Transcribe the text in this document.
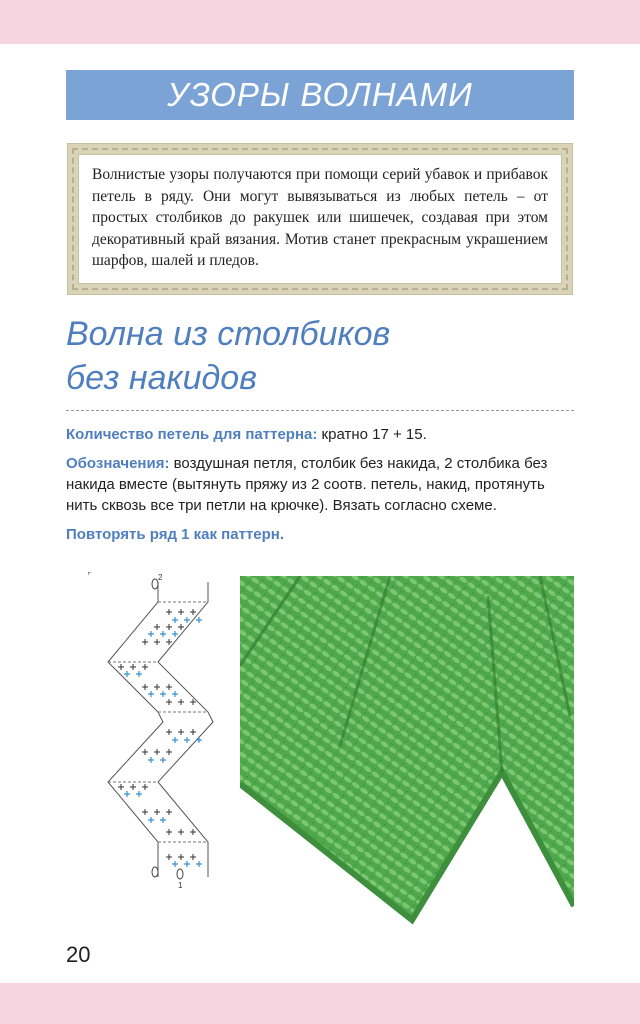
УЗОРЫ ВОЛНАМИ

Волнистые узоры получаются при помощи серий убавок и прибавок петель в ряду. Они могут вывязываться из любых петель – от простых столбиков до ракушек или шишечек, создавая при этом декоративный край вязания. Мотив станет прекрасным украшением шарфов, шалей и пледов.

Волна из столбиков
без накидов

Количество петель для паттерна: кратно 17 + 15.

Обозначения: воздушная петля, столбик без накида, 2 столбика без накида вместе (вытянуть пряжу из 2 соотв. петель, накид, протянуть нить сквозь все три петли на крючке). Вязать согласно схеме.

Повторять ряд 1 как паттерн.

2
1
20
